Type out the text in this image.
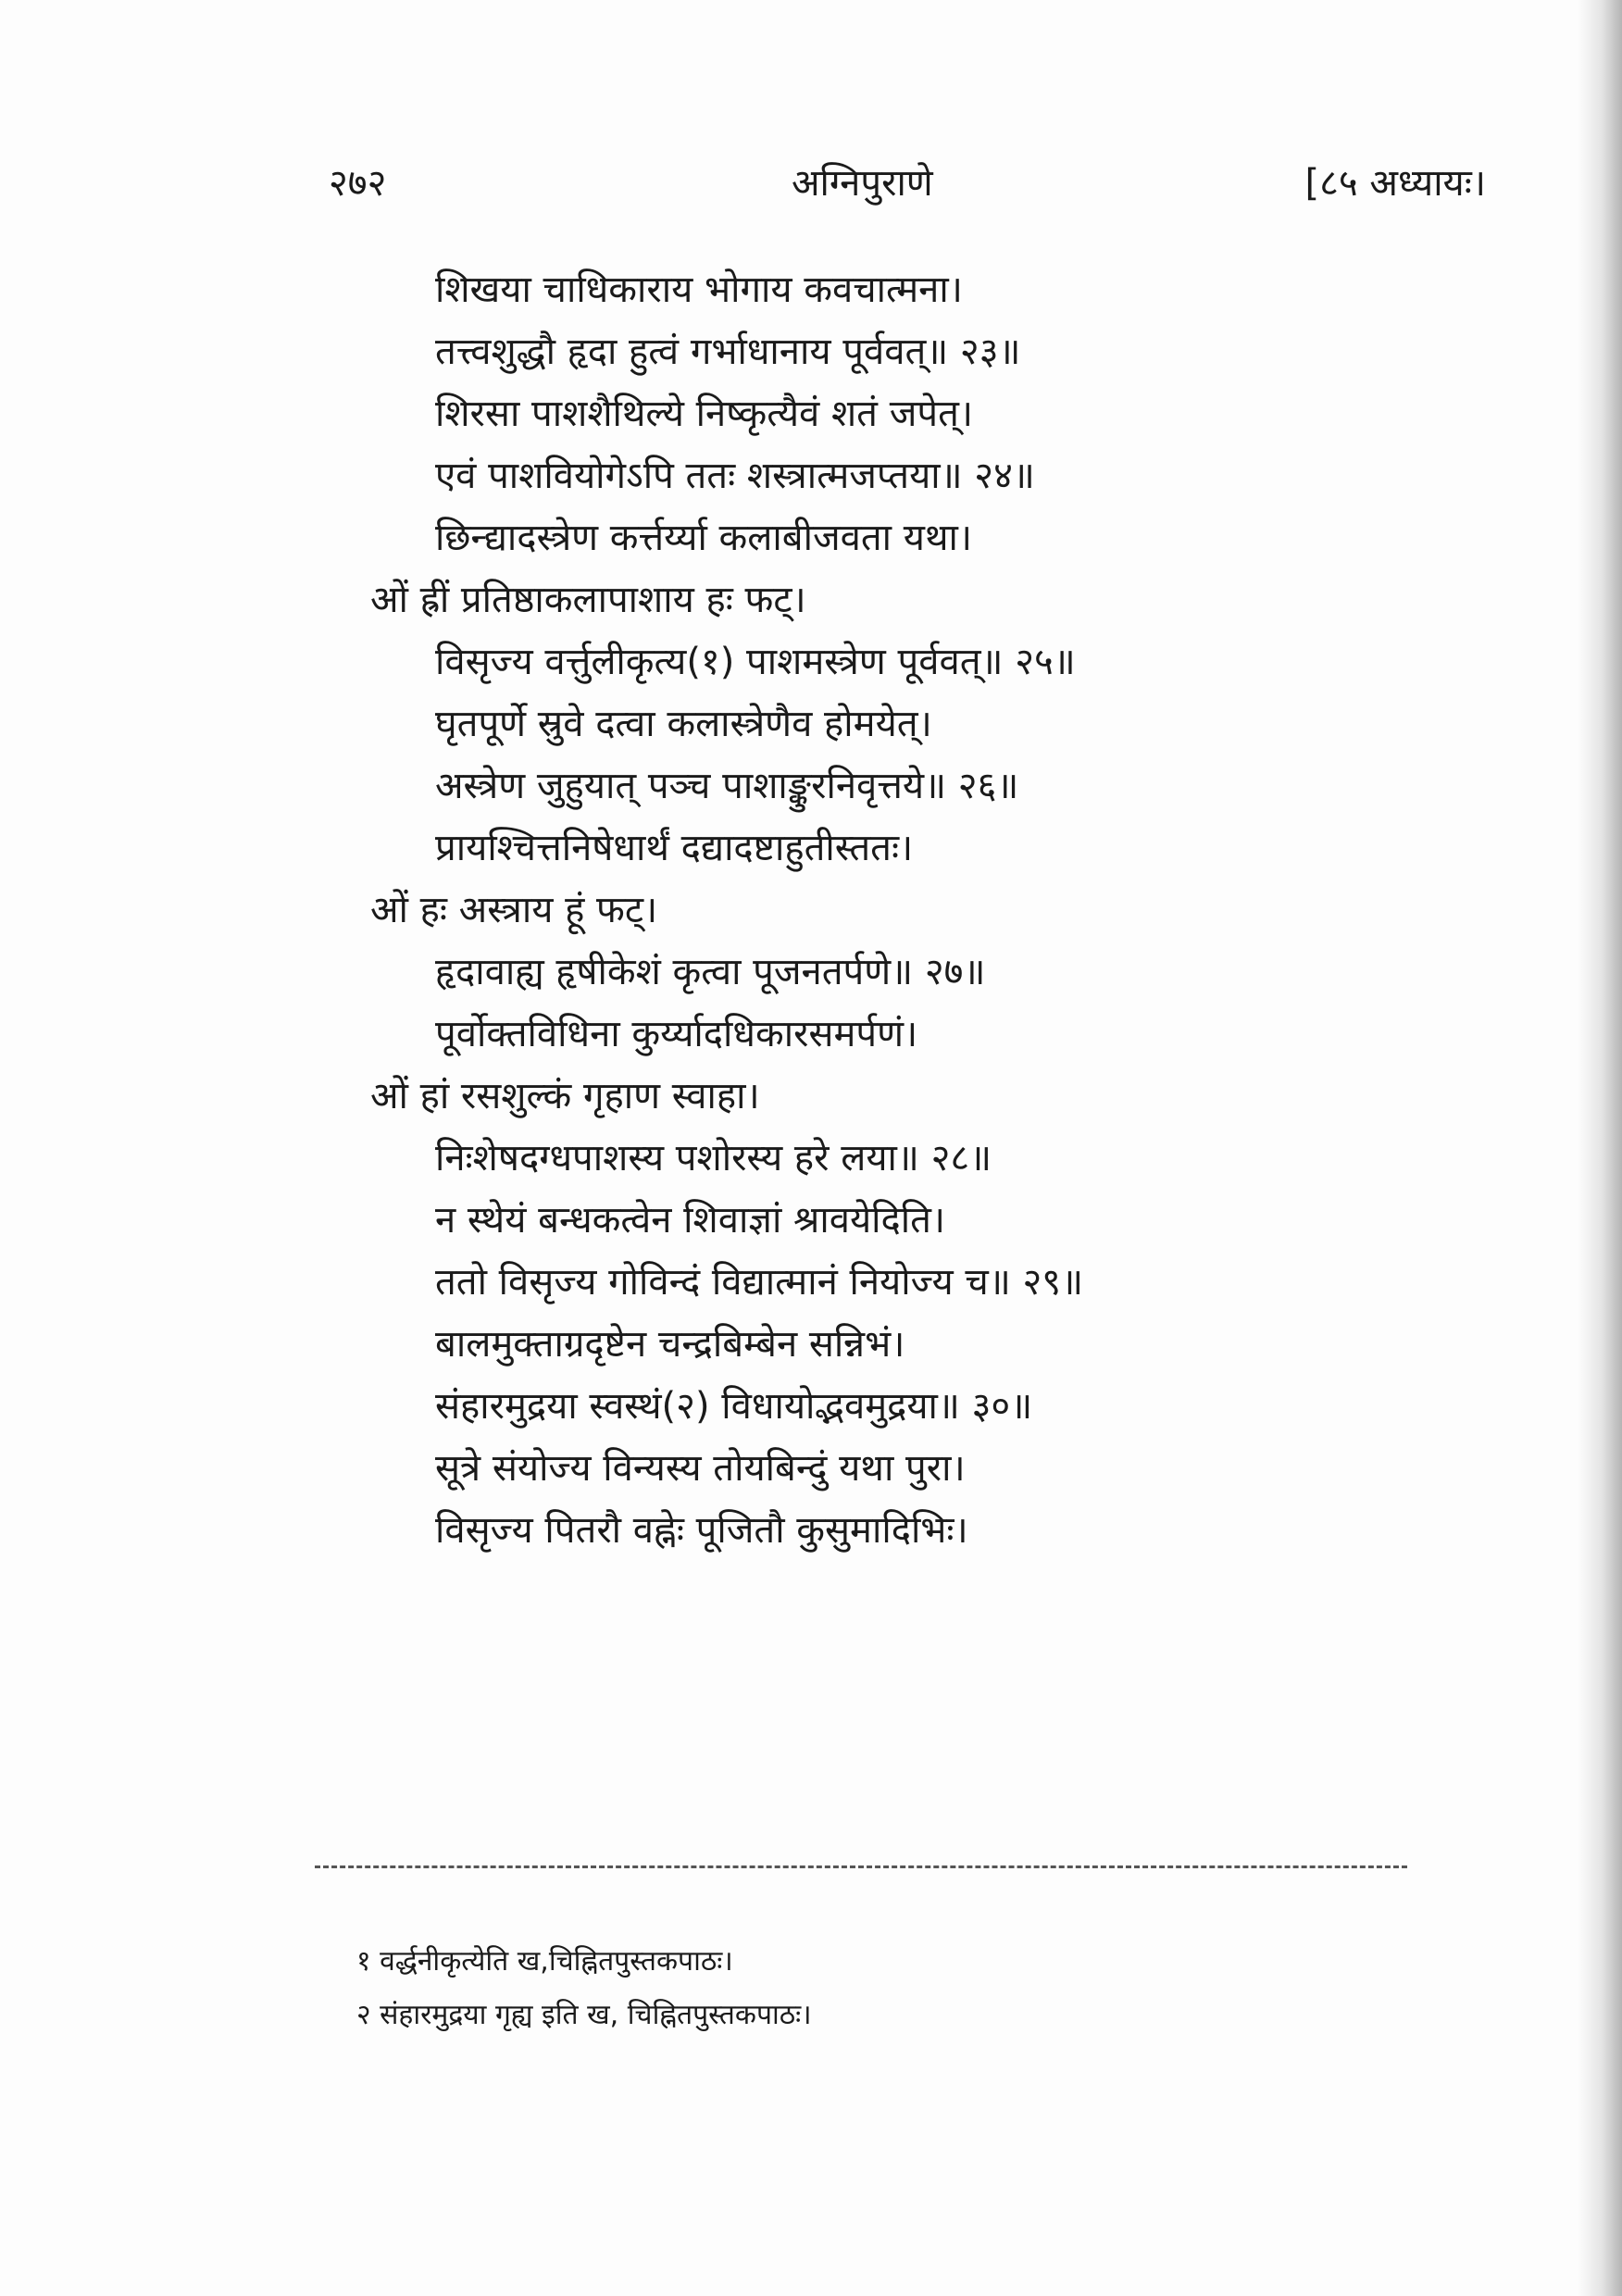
२७२	अग्निपुराणे	[८५ अध्यायः।
शिखया चाधिकाराय भोगाय कवचात्मना।
तत्त्वशुद्धौ हृदा हुत्वं गर्भाधानाय पूर्ववत्॥ २३॥
शिरसा पाशशैथिल्ये निष्कृत्यैवं शतं जपेत्।
एवं पाशवियोगेऽपि ततः शस्त्रात्मजप्तया॥ २४॥
छिन्द्यादस्त्रेण कर्त्तर्य्या कलाबीजवता यथा।
ओं ह्रीं प्रतिष्ठाकलापाशाय हः फट्।
विसृज्य वर्त्तुलीकृत्य(१) पाशमस्त्रेण पूर्ववत्॥ २५॥
घृतपूर्णे स्रुवे दत्वा कलास्त्रेणैव होमयेत्।
अस्त्रेण जुहुयात् पञ्च पाशाङ्कुरनिवृत्तये॥ २६॥
प्रायश्चित्तनिषेधार्थं दद्यादष्टाहुतीस्ततः।
ओं हः अस्त्राय हूं फट्।
हृदावाह्य हृषीकेशं कृत्वा पूजनतर्पणे॥ २७॥
पूर्वोक्तविधिना कुर्य्यादधिकारसमर्पणं।
ओं हां रसशुल्कं गृहाण स्वाहा।
निःशेषदग्धपाशस्य पशोरस्य हरे लया॥ २८॥
न स्थेयं बन्धकत्वेन शिवाज्ञां श्रावयेदिति।
ततो विसृज्य गोविन्दं विद्यात्मानं नियोज्य च॥ २९॥
बालमुक्ताग्रदृष्टेन चन्द्रबिम्बेन सन्निभं।
संहारमुद्रया स्वस्थं(२) विधायोद्भवमुद्रया॥ ३०॥
सूत्रे संयोज्य विन्यस्य तोयबिन्दुं यथा पुरा।
विसृज्य पितरौ वह्नेः पूजितौ कुसुमादिभिः।
१ वर्द्धनीकृत्येति ख,चिह्नितपुस्तकपाठः।
२ संहारमुद्रया गृह्य इति ख, चिह्नितपुस्तकपाठः।
